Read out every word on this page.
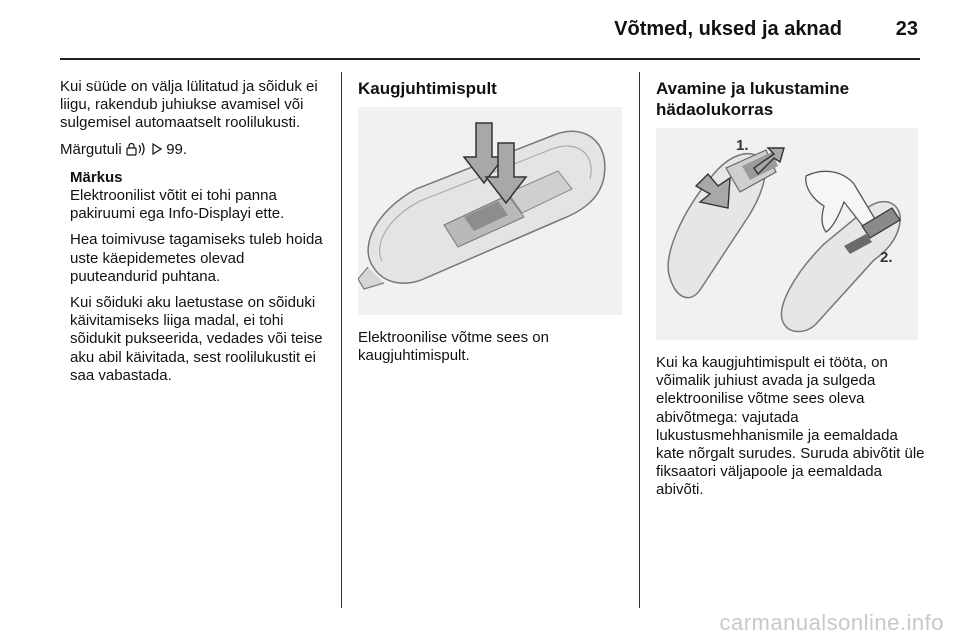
Võtmed, uksed ja aknad	23

Kui süüde on välja lülitatud ja sõiduk ei liigu, rakendub juhiukse avamisel või sulgemisel automaatselt roolilukusti.

Märgutuli	99.

Märkus

Elektroonilist võtit ei tohi panna pakiruumi ega Info-Displayi ette.

Hea toimivuse tagamiseks tuleb hoida uste käepidemetes olevad puuteandurid puhtana.

Kui sõiduki aku laetustase on sõiduki käivitamiseks liiga madal, ei tohi sõidukit pukseerida, vedades või teise aku abil käivitada, sest roolilukustit ei saa vabastada.

Kaugjuhtimispult

Elektroonilise võtme sees on kaugjuhtimispult.

Avamine ja lukustamine hädaolukorras
1.
2.

Kui ka kaugjuhtimispult ei tööta, on võimalik juhiust avada ja sulgeda elektroonilise võtme sees oleva abivõtmega: vajutada lukustusmehhanismile ja eemaldada kate nõrgalt surudes. Suruda abivõtit üle fiksaatori väljapoole ja eemaldada abivõti.

carmanualsonline.info
